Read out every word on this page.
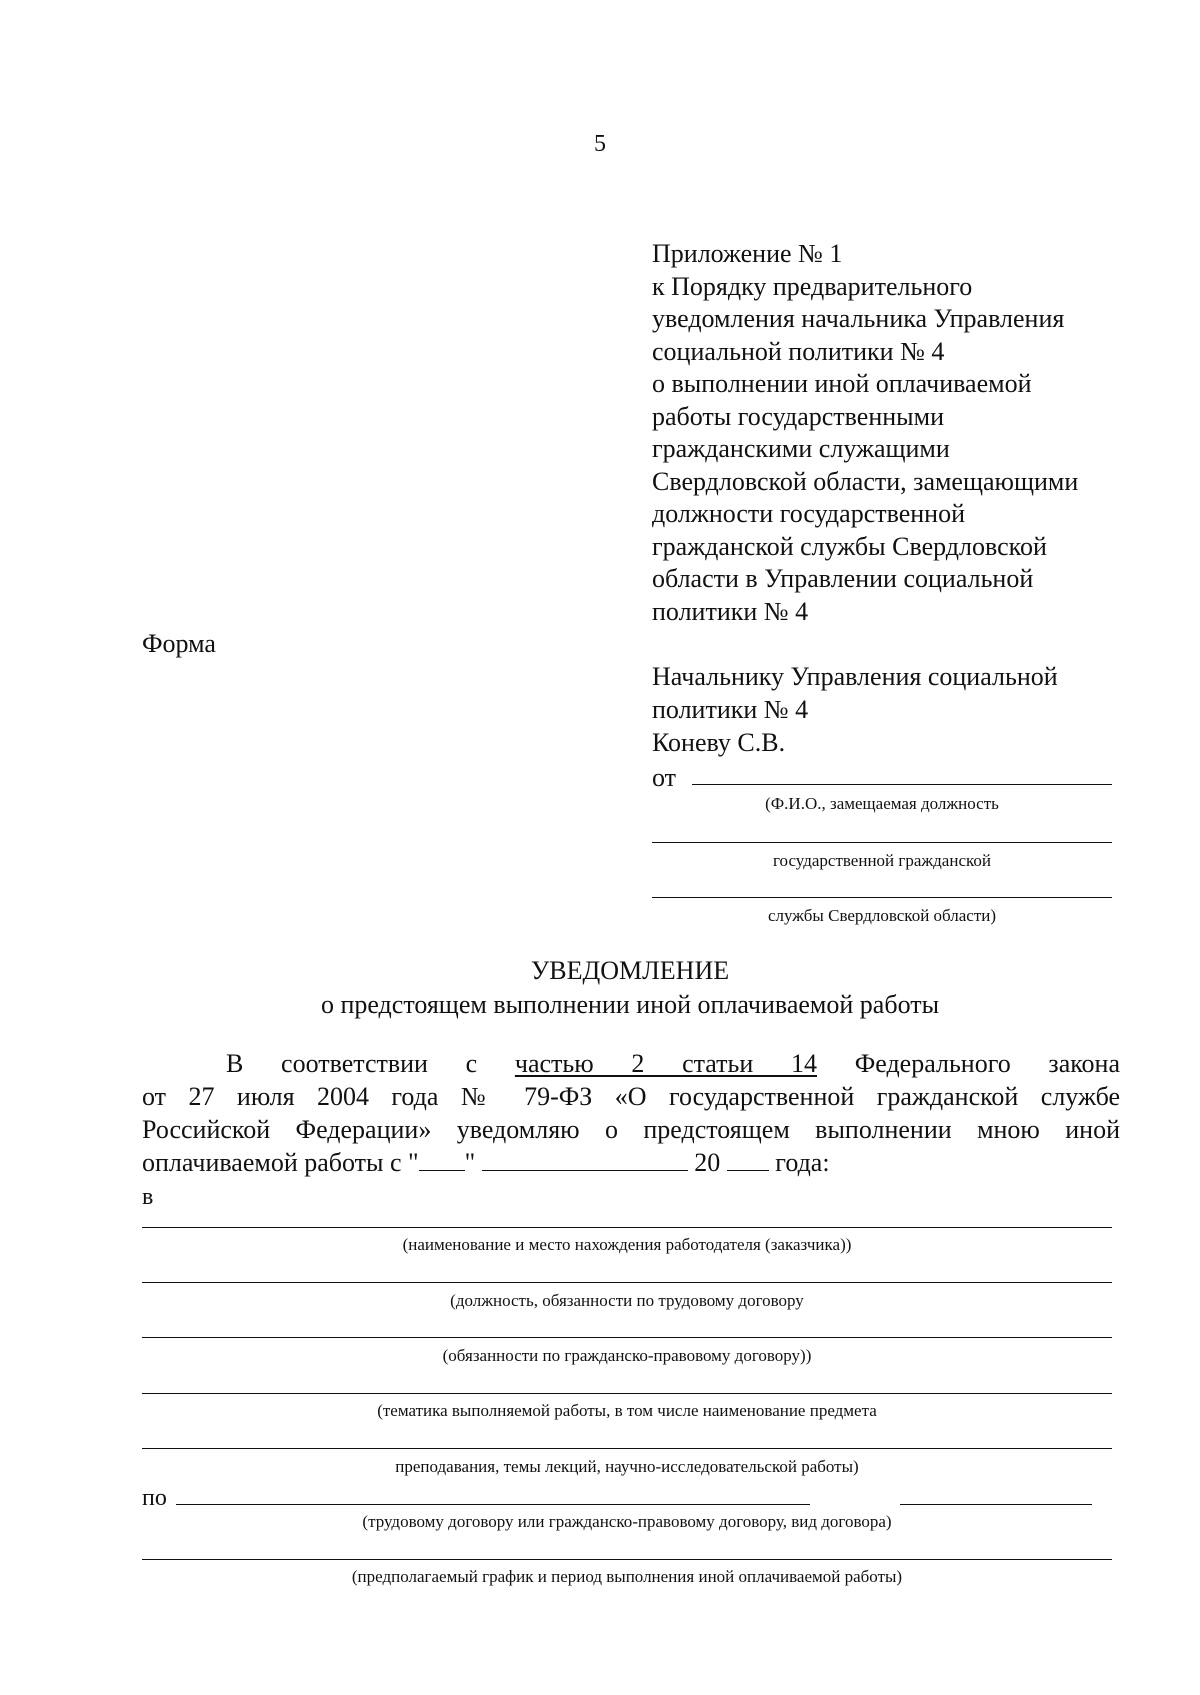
5
Приложение № 1
к Порядку предварительного
уведомления начальника Управления
социальной политики № 4
о выполнении иной оплачиваемой
работы государственными
гражданскими служащими
Свердловской области, замещающими
должности государственной
гражданской службы Свердловской
области в Управлении социальной
политики № 4
Форма
Начальнику Управления социальной
политики № 4
Коневу С.В.
от
(Ф.И.О., замещаемая должность
государственной гражданской
службы Свердловской области)
УВЕДОМЛЕНИЕ
о предстоящем выполнении иной оплачиваемой работы
В соответствии с частью 2 статьи 14 Федерального закона
от 27 июля 2004 года № 79-ФЗ «О государственной гражданской службе
Российской Федерации» уведомляю о предстоящем выполнении мною иной
оплачиваемой работы с " "	20 года:
в
(наименование и место нахождения работодателя (заказчика))
(должность, обязанности по трудовому договору
(обязанности по гражданско-правовому договору))
(тематика выполняемой работы, в том числе наименование предмета
преподавания, темы лекций, научно-исследовательской работы)
по
(трудовому договору или гражданско-правовому договору, вид договора)
(предполагаемый график и период выполнения иной оплачиваемой работы)
